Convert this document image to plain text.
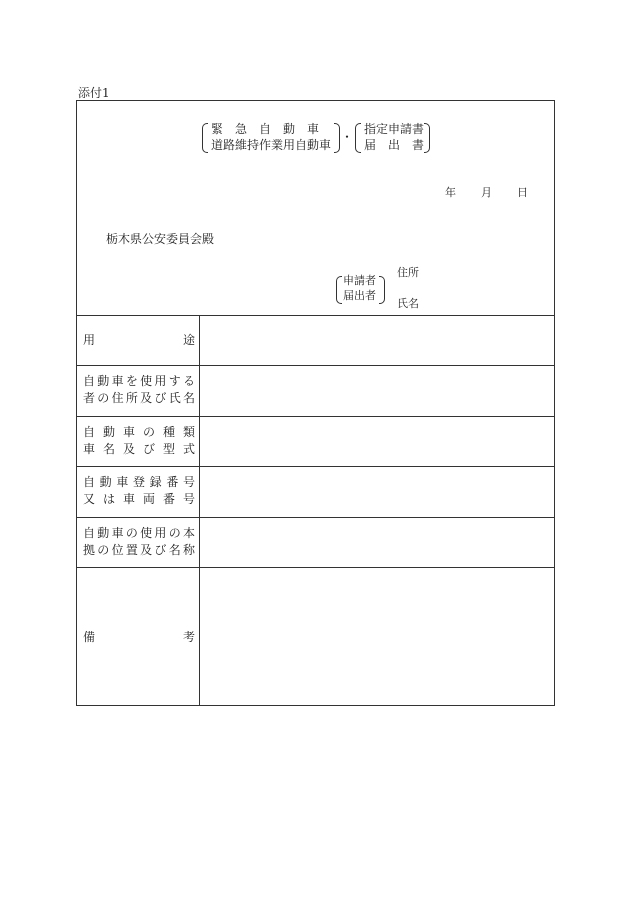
添付1
緊　急　自　動　車
道路維持作業用自動車
・
指定申請書
届　出　書
年 月 日
栃木県公安委員会殿
申請者
届出者
住所
氏名
用	途
自動車を使用する
者の住所及び氏名
自動車の種類
車名及び型式
自動車登録番号
又は車両番号
自動車の使用の本
拠の位置及び名称
備	考
